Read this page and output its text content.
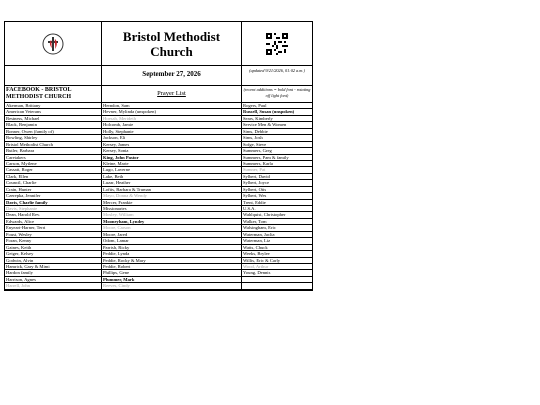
Bristol Methodist
Church
September 27, 2026	(updated 9/21/2026, 01:02 a.m.)
FACEBOOK - BRISTOL METHODIST CHURCH	Prayer List
(recent additions = bold font - rotating off light font)
Akerman, Brittany
American Veterans
Bestness, Michael
Black, Benjamin
Bonner, Owen (family of)
Bowling, Shirley
Bristol Methodist Church
Butler, Barbara
Caretakers
Carson, Mytlene
Cassatt, Roger
Clark, Ellen
Council, Charlie
Crain, Hunter
Czerepka, Jennifer
Davis, Charlie family
Davis, Stephanie
Dean, Harold Rev.
Edwards, Alice
Enyeart-Harner, Terri
Foust, Wesley
Foran, Kenny
Gaines, Keith
Geiger, Kelsey
Godwin, Alvin
Hamrick, Gary & Mimi
Hardon family
Harrison, Agnes
Harrell, John
Herndon, Sam
Hevner, Mylinda (unspoken)
Hoesah, Merideth
Holcomb, Jamie
Holly, Stephanie
Jackson, Eli
Kersey, James
Kersey, Sonia
King, John Pastor
Kleine, Marie
Lugo, Laverne
Lake, Beth
Luzar, Heather
Loftis, Barbara & Truman
Mayo, Donna & Wendy
Mercer, Frankie
Missionaries
Mosley, William
Mooneyham, Lyndey
Moore, Carson
Moore, Jared
Odom, Lamar
Parrish, Ricky
Peddie, Lynda
Peddie, Rocky & Mary
Peddie, Robert
Phillips, Gene
Plummer, Mark
Reeves, Cindy
Rogers, Paul
Russell, Susan (unspoken)
Sears, Kimberly
Service Men & Women
Sims, Debbie
Sims, Josh
Sofge, Steve
Summers, Greg
Summers, Pam & family
Summers, Karla
Sumner, Pat
Sylbert, David
Sylbert, Joyce
Sylbert, Otis
Sylbert, Wes
Trent, Eddie
U.S.A.
Wahlquist, Christopher
Walker, Tom
Walsingham, Eric
Waterman, Jaclia
Waterman, Liz
Watts, Chuck
Weeks, Brylee
Willis, Eric & Carly
Wood, Arthur
Young, Dennis
